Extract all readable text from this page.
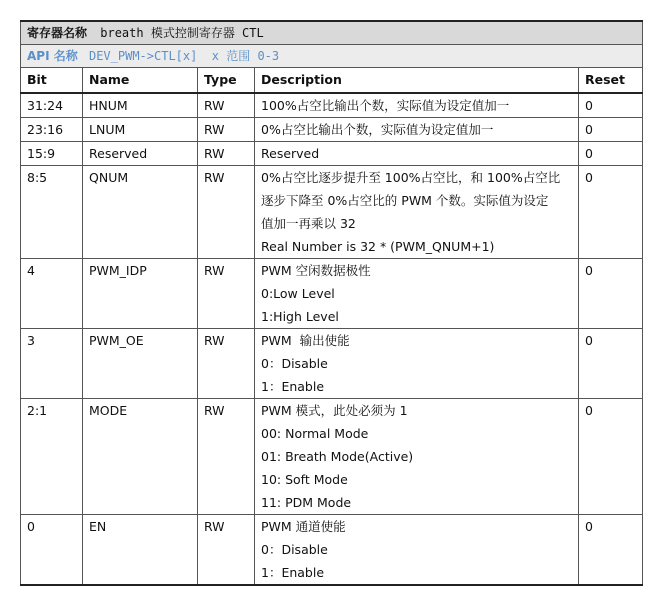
寄存器名称 breath 模式控制寄存器 CTL				
API 名称 DEV_PWM->CTL[x]  x 范围 0-3				
Bit	Name	Type	Description	Reset
31:24	HNUM	RW	100%占空比输出个数，实际值为设定值加一	0
23:16	LNUM	RW	0%占空比输出个数，实际值为设定值加一	0
15:9	Reserved	RW	Reserved	0
8:5	QNUM	RW	0%占空比逐步提升至 100%占空比，和 100%占空比
逐步下降至 0%占空比的 PWM 个数。实际值为设定
值加一再乘以 32
Real Number is 32 * (PWM_QNUM+1)	0
4	PWM_IDP	RW	PWM 空闲数据极性
0:Low Level
1:High Level	0
3	PWM_OE	RW	PWM  输出使能
0：Disable
1：Enable	0
2:1	MODE	RW	PWM 模式，此处必须为 1
00: Normal Mode
01: Breath Mode(Active)
10: Soft Mode
11: PDM Mode	0
0	EN	RW	PWM 通道使能
0：Disable
1：Enable	0
